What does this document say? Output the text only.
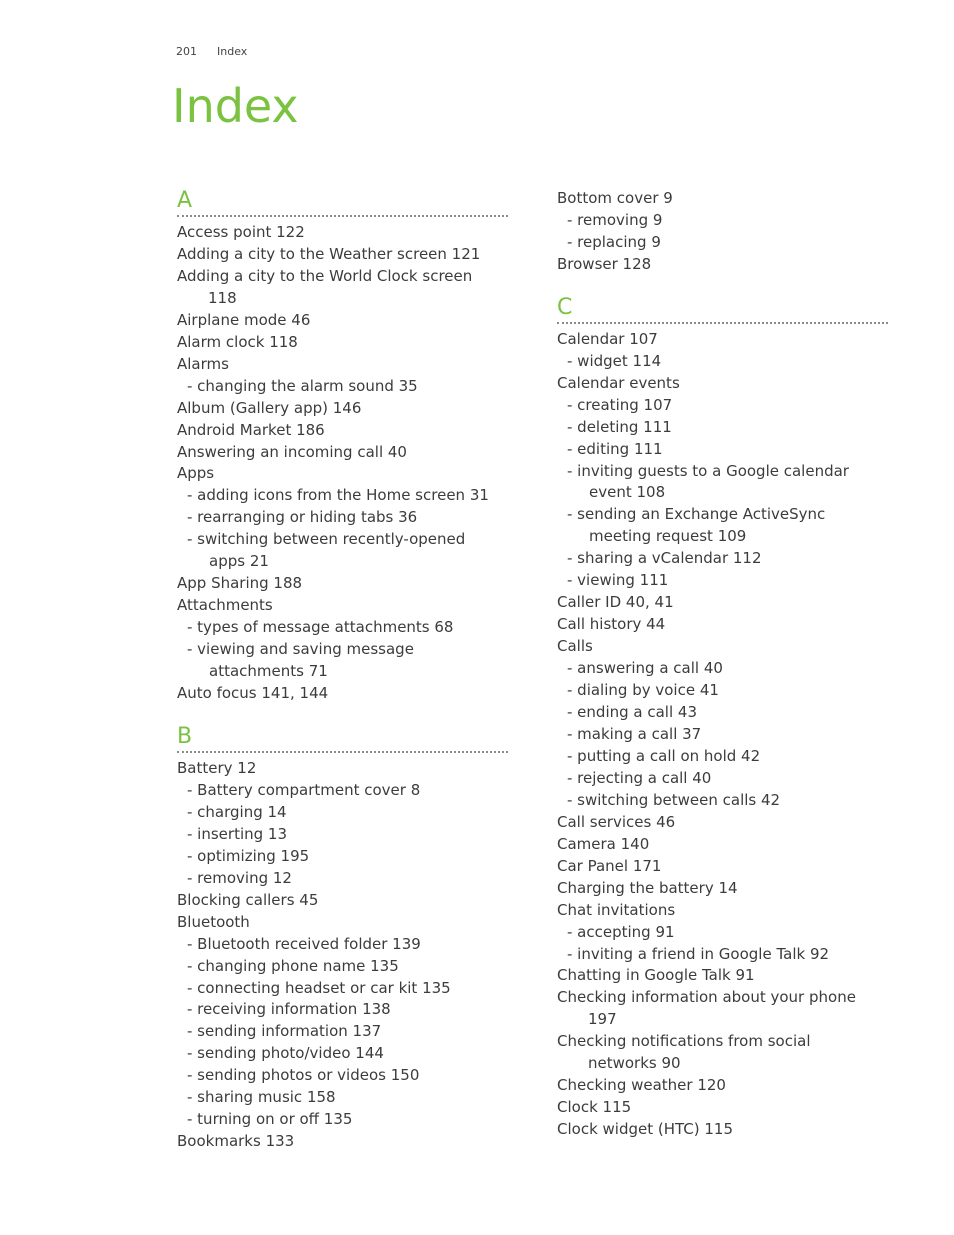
201 Index
Index
A
Access point 122
Adding a city to the Weather screen 121
Adding a city to the World Clock screen
118
Airplane mode 46
Alarm clock 118
Alarms
- changing the alarm sound 35
Album (Gallery app) 146
Android Market 186
Answering an incoming call 40
Apps
- adding icons from the Home screen 31
- rearranging or hiding tabs 36
- switching between recently-opened
apps 21
App Sharing 188
Attachments
- types of message attachments 68
- viewing and saving message
attachments 71
Auto focus 141, 144
B
Battery 12
- Battery compartment cover 8
- charging 14
- inserting 13
- optimizing 195
- removing 12
Blocking callers 45
Bluetooth
- Bluetooth received folder 139
- changing phone name 135
- connecting headset or car kit 135
- receiving information 138
- sending information 137
- sending photo/video 144
- sending photos or videos 150
- sharing music 158
- turning on or off 135
Bookmarks 133
Bottom cover 9
- removing 9
- replacing 9
Browser 128
C
Calendar 107
- widget 114
Calendar events
- creating 107
- deleting 111
- editing 111
- inviting guests to a Google calendar
event 108
- sending an Exchange ActiveSync
meeting request 109
- sharing a vCalendar 112
- viewing 111
Caller ID 40, 41
Call history 44
Calls
- answering a call 40
- dialing by voice 41
- ending a call 43
- making a call 37
- putting a call on hold 42
- rejecting a call 40
- switching between calls 42
Call services 46
Camera 140
Car Panel 171
Charging the battery 14
Chat invitations
- accepting 91
- inviting a friend in Google Talk 92
Chatting in Google Talk 91
Checking information about your phone
197
Checking notifications from social
networks 90
Checking weather 120
Clock 115
Clock widget (HTC) 115
